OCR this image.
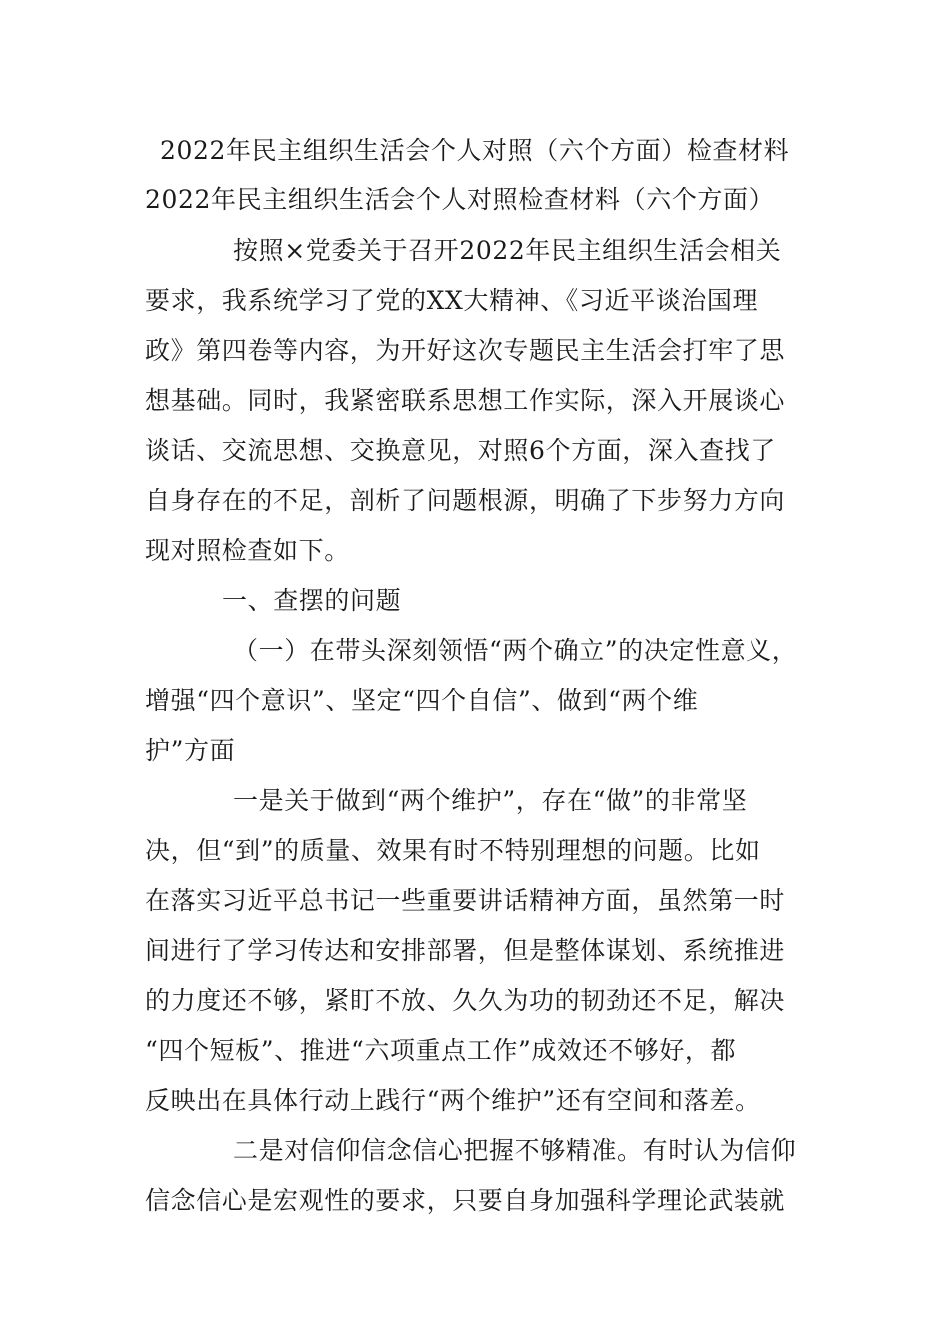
2022年民主组织生活会个人对照（六个方面）检查材料
2022年民主组织生活会个人对照检查材料（六个方面）
按照×党委关于召开2022年民主组织生活会相关
要求，我系统学习了党的XX大精神、《习近平谈治国理
政》第四卷等内容，为开好这次专题民主生活会打牢了思
想基础。同时，我紧密联系思想工作实际，深入开展谈心
谈话、交流思想、交换意见，对照6个方面，深入查找了
自身存在的不足，剖析了问题根源，明确了下步努力方向
现对照检查如下。
一、查摆的问题
（一）在带头深刻领悟“两个确立”的决定性意义，
增强“四个意识”、坚定“四个自信”、做到“两个维
护”方面
一是关于做到“两个维护”，存在“做”的非常坚
决，但“到”的质量、效果有时不特别理想的问题。比如
在落实习近平总书记一些重要讲话精神方面，虽然第一时
间进行了学习传达和安排部署，但是整体谋划、系统推进
的力度还不够，紧盯不放、久久为功的韧劲还不足，解决
“四个短板”、推进“六项重点工作”成效还不够好，都
反映出在具体行动上践行“两个维护”还有空间和落差。
二是对信仰信念信心把握不够精准。有时认为信仰
信念信心是宏观性的要求，只要自身加强科学理论武装就
